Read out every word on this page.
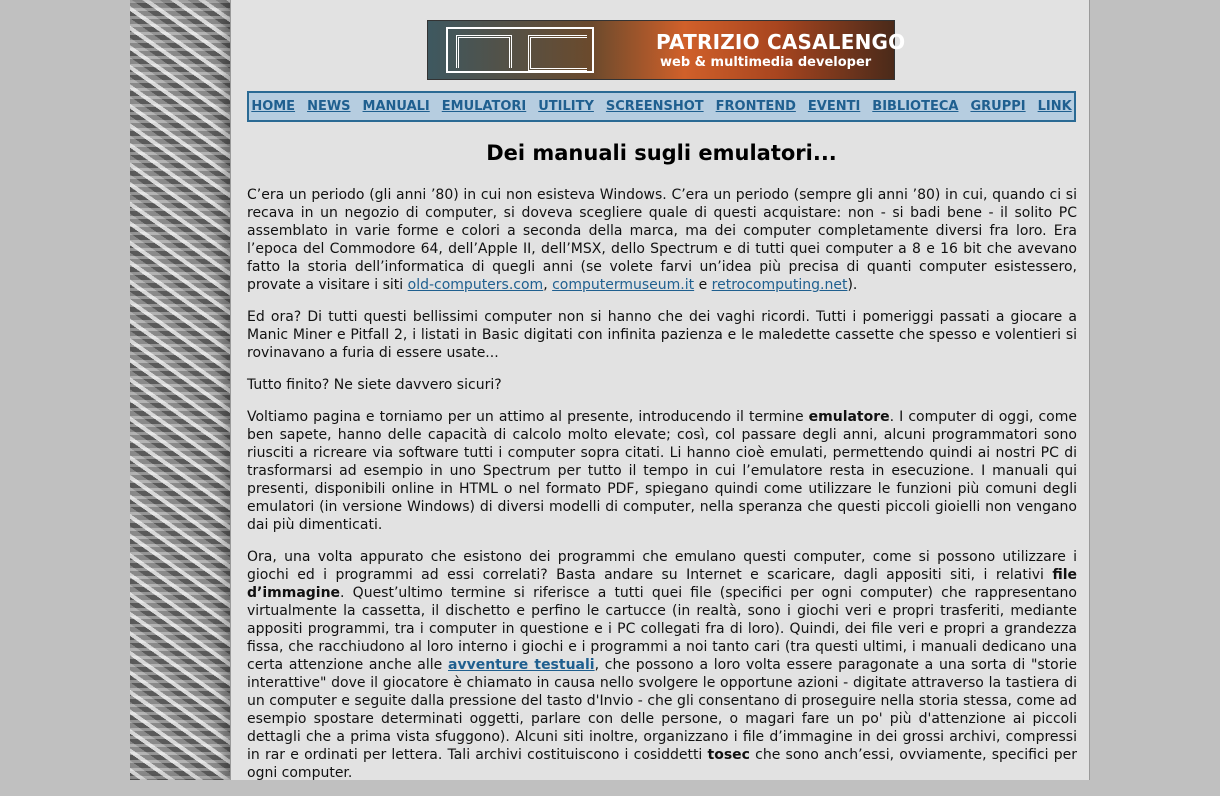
PATRIZIO CASALENGO
web & multimedia developer
HOME NEWS MANUALI EMULATORI UTILITY SCREENSHOT FRONTEND EVENTI BIBLIOTECA GRUPPI LINK
Dei manuali sugli emulatori...

C’era un periodo (gli anni ’80) in cui non esisteva Windows. C’era un periodo (sempre gli anni ’80) in cui, quando ci si recava in un negozio di computer, si doveva scegliere quale di questi acquistare: non - si badi bene - il solito PC assemblato in varie forme e colori a seconda della marca, ma dei computer completamente diversi fra loro. Era l’epoca del Commodore 64, dell’Apple II, dell’MSX, dello Spectrum e di tutti quei computer a 8 e 16 bit che avevano fatto la storia dell’informatica di quegli anni (se volete farvi un’idea più precisa di quanti computer esistessero, provate a visitare i siti old-computers.com, computermuseum.it e retrocomputing.net).

Ed ora? Di tutti questi bellissimi computer non si hanno che dei vaghi ricordi. Tutti i pomeriggi passati a giocare a Manic Miner e Pitfall 2, i listati in Basic digitati con infinita pazienza e le maledette cassette che spesso e volentieri si rovinavano a furia di essere usate...

Tutto finito? Ne siete davvero sicuri?

Voltiamo pagina e torniamo per un attimo al presente, introducendo il termine emulatore. I computer di oggi, come ben sapete, hanno delle capacità di calcolo molto elevate; così, col passare degli anni, alcuni programmatori sono riusciti a ricreare via software tutti i computer sopra citati. Li hanno cioè emulati, permettendo quindi ai nostri PC di trasformarsi ad esempio in uno Spectrum per tutto il tempo in cui l’emulatore resta in esecuzione. I manuali qui presenti, disponibili online in HTML o nel formato PDF, spiegano quindi come utilizzare le funzioni più comuni degli emulatori (in versione Windows) di diversi modelli di computer, nella speranza che questi piccoli gioielli non vengano dai più dimenticati.

Ora, una volta appurato che esistono dei programmi che emulano questi computer, come si possono utilizzare i giochi ed i programmi ad essi correlati? Basta andare su Internet e scaricare, dagli appositi siti, i relativi file d’immagine. Quest’ultimo termine si riferisce a tutti quei file (specifici per ogni computer) che rappresentano virtualmente la cassetta, il dischetto e perfino le cartucce (in realtà, sono i giochi veri e propri trasferiti, mediante appositi programmi, tra i computer in questione e i PC collegati fra di loro). Quindi, dei file veri e propri a grandezza fissa, che racchiudono al loro interno i giochi e i programmi a noi tanto cari (tra questi ultimi, i manuali dedicano una certa attenzione anche alle avventure testuali, che possono a loro volta essere paragonate a una sorta di "storie interattive" dove il giocatore è chiamato in causa nello svolgere le opportune azioni - digitate attraverso la tastiera di un computer e seguite dalla pressione del tasto d'Invio - che gli consentano di proseguire nella storia stessa, come ad esempio spostare determinati oggetti, parlare con delle persone, o magari fare un po' più d'attenzione ai piccoli dettagli che a prima vista sfuggono). Alcuni siti inoltre, organizzano i file d’immagine in dei grossi archivi, compressi in rar e ordinati per lettera. Tali archivi costituiscono i cosiddetti tosec che sono anch’essi, ovviamente, specifici per ogni computer.
